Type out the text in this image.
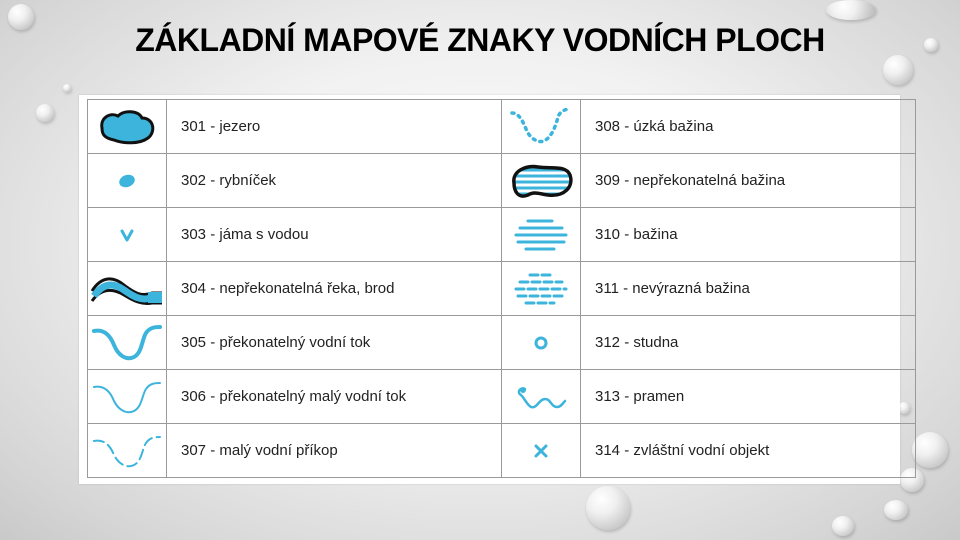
ZÁKLADNÍ MAPOVÉ ZNAKY VODNÍCH PLOCH
	301 - jezero		308 - úzká bažina

	302 - rybníček		309 - nepřekonatelná bažina

	303 - jáma s vodou		310 - bažina

	304 - nepřekonatelná řeka, brod		311 - nevýrazná bažina

	305 - překonatelný vodní tok		312 - studna

	306 - překonatelný malý vodní tok		313 - pramen

	307 - malý vodní příkop		314 - zvláštní vodní objekt
